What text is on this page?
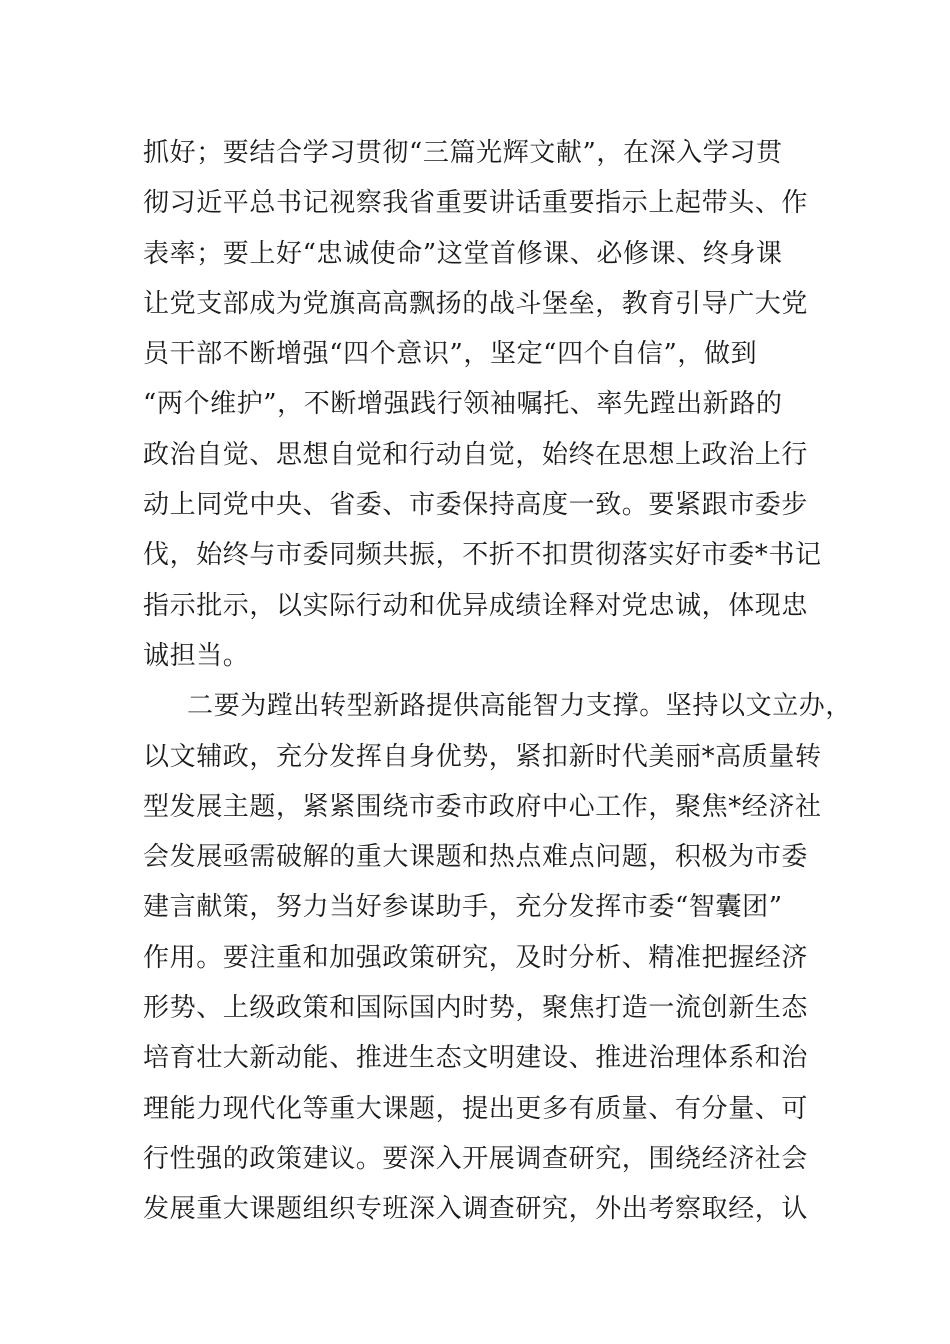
抓好；要结合学习贯彻“三篇光辉文献”，在深入学习贯
彻习近平总书记视察我省重要讲话重要指示上起带头、作
表率；要上好“忠诚使命”这堂首修课、必修课、终身课
让党支部成为党旗高高飘扬的战斗堡垒，教育引导广大党
员干部不断增强“四个意识”，坚定“四个自信”，做到
“两个维护”，不断增强践行领袖嘱托、率先蹚出新路的
政治自觉、思想自觉和行动自觉，始终在思想上政治上行
动上同党中央、省委、市委保持高度一致。要紧跟市委步
伐，始终与市委同频共振，不折不扣贯彻落实好市委*书记
指示批示，以实际行动和优异成绩诠释对党忠诚，体现忠
诚担当。
二要为蹚出转型新路提供高能智力支撑。坚持以文立办，
以文辅政，充分发挥自身优势，紧扣新时代美丽*高质量转
型发展主题，紧紧围绕市委市政府中心工作，聚焦*经济社
会发展亟需破解的重大课题和热点难点问题，积极为市委
建言献策，努力当好参谋助手，充分发挥市委“智囊团”
作用。要注重和加强政策研究，及时分析、精准把握经济
形势、上级政策和国际国内时势，聚焦打造一流创新生态
培育壮大新动能、推进生态文明建设、推进治理体系和治
理能力现代化等重大课题，提出更多有质量、有分量、可
行性强的政策建议。要深入开展调查研究，围绕经济社会
发展重大课题组织专班深入调查研究，外出考察取经，认
